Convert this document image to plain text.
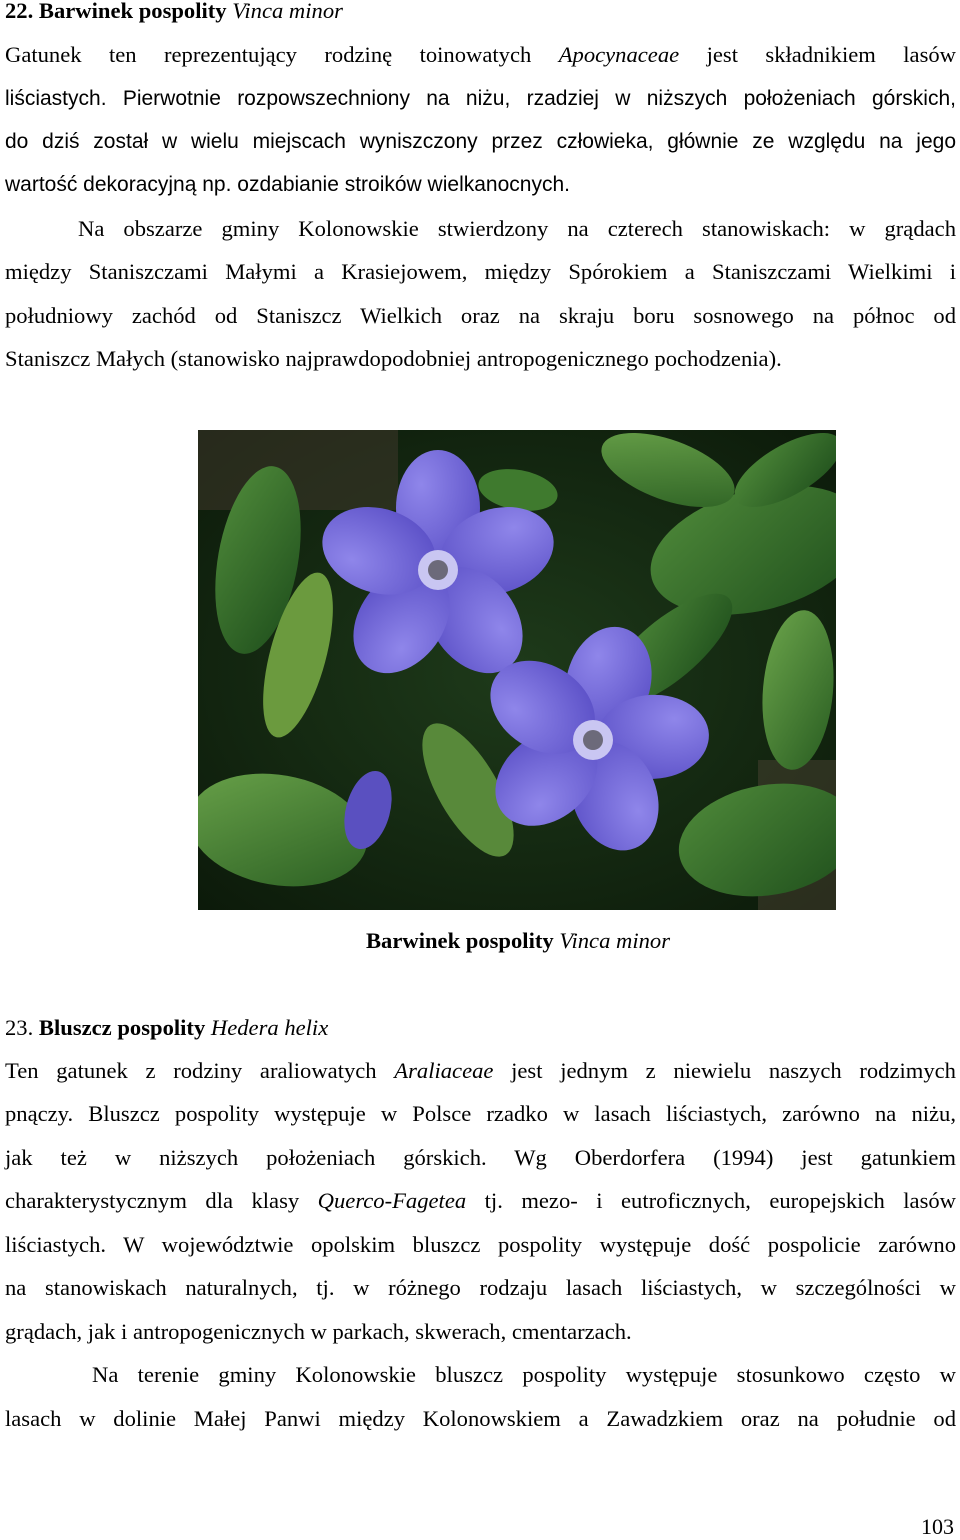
22. Barwinek pospolity Vinca minor
Gatunek ten reprezentujący rodzinę toinowatych Apocynaceae jest składnikiem lasów
liściastych. Pierwotnie rozpowszechniony na niżu, rzadziej w niższych położeniach górskich,
do dziś został w wielu miejscach wyniszczony przez człowieka, głównie ze względu na jego
wartość dekoracyjną np. ozdabianie stroików wielkanocnych.
Na obszarze gminy Kolonowskie stwierdzony na czterech stanowiskach: w grądach
między Staniszczami Małymi a Krasiejowem, między Spórokiem a Staniszczami Wielkimi i
południowy zachód od Staniszcz Wielkich oraz na skraju boru sosnowego na północ od
Staniszcz Małych (stanowisko najprawdopodobniej antropogenicznego pochodzenia).
Barwinek pospolity Vinca minor
23. Bluszcz pospolity Hedera helix
Ten gatunek z rodziny araliowatych Araliaceae jest jednym z niewielu naszych rodzimych
pnączy. Bluszcz pospolity występuje w Polsce rzadko w lasach liściastych, zarówno na niżu,
jak też w niższych położeniach górskich. Wg Oberdorfera (1994) jest gatunkiem
charakterystycznym dla klasy Querco-Fagetea tj. mezo- i eutroficznych, europejskich lasów
liściastych. W województwie opolskim bluszcz pospolity występuje dość pospolicie zarówno
na stanowiskach naturalnych, tj. w różnego rodzaju lasach liściastych, w szczególności w
grądach, jak i antropogenicznych w parkach, skwerach, cmentarzach.
Na terenie gminy Kolonowskie bluszcz pospolity występuje stosunkowo często w
lasach w dolinie Małej Panwi między Kolonowskiem a Zawadzkiem oraz na południe od
103
